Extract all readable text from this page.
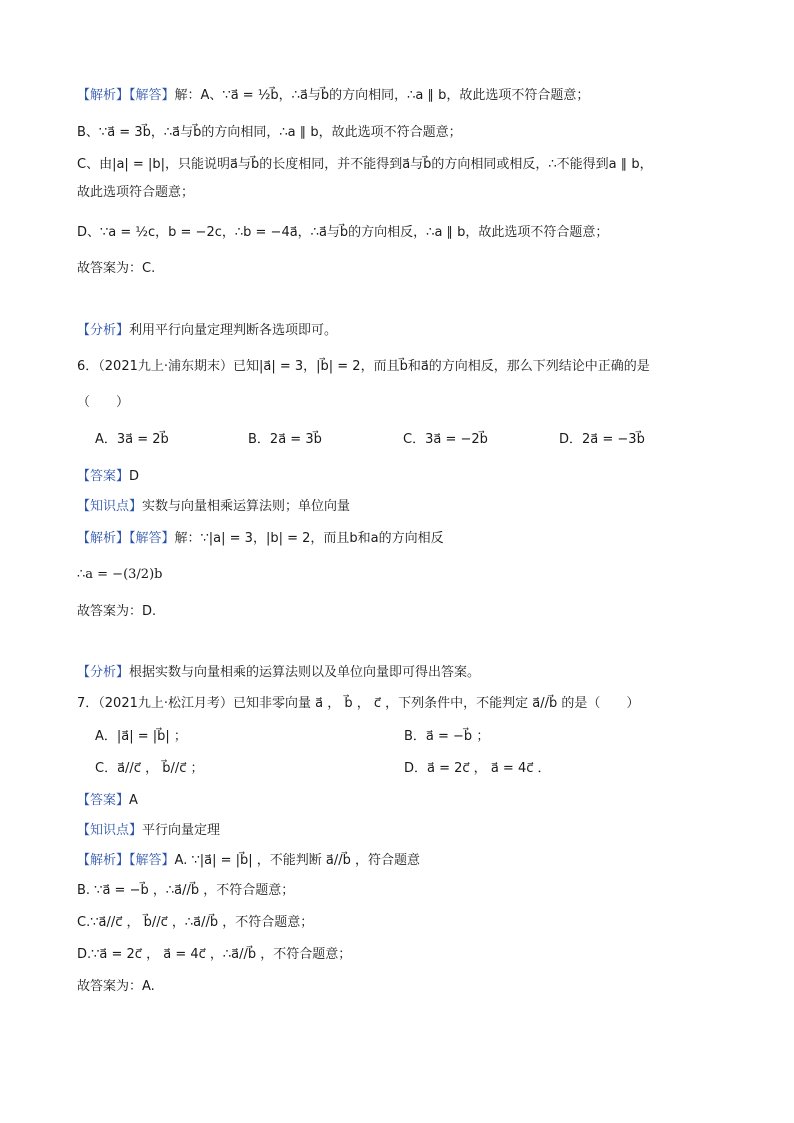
【解析】【解答】解：A、∵a⃗ = ½b⃗，∴a⃗与b⃗的方向相同，∴a ∥ b，故此选项不符合题意；
B、∵a⃗ = 3b⃗，∴a⃗与b⃗的方向相同，∴a ∥ b，故此选项不符合题意；
C、由|a| = |b|，只能说明a⃗与b⃗的长度相同，并不能得到a⃗与b⃗的方向相同或相反，∴不能得到a ∥ b，
故此选项符合题意；
D、∵a = ½c，b = −2c，∴b = −4a⃗，∴a⃗与b⃗的方向相反，∴a ∥ b，故此选项不符合题意；
故答案为：C.
【分析】利用平行向量定理判断各选项即可。
6．（2021九上·浦东期末）已知|a⃗| = 3，|b⃗| = 2，而且b⃗和a⃗的方向相反，那么下列结论中正确的是
（　　）
A．3a⃗ = 2b⃗	B．2a⃗ = 3b⃗	C．3a⃗ = −2b⃗	D．2a⃗ = −3b⃗
【答案】D
【知识点】实数与向量相乘运算法则；单位向量
【解析】【解答】解：∵|a| = 3，|b| = 2，而且b和a的方向相反
∴a = −(3/2)b
故答案为：D.
【分析】根据实数与向量相乘的运算法则以及单位向量即可得出答案。
7．（2021九上·松江月考）已知非零向量 a⃗ ， b⃗ ， c⃗ ，下列条件中，不能判定 a⃗//b⃗ 的是（　　）
A．|a⃗| = |b⃗| ；	B．a⃗ = −b⃗ ；
C．a⃗//c⃗ ， b⃗//c⃗ ；	D．a⃗ = 2c⃗ ， a⃗ = 4c⃗ ．
【答案】A
【知识点】平行向量定理
【解析】【解答】A. ∵|a⃗| = |b⃗| ，不能判断 a⃗//b⃗ ，符合题意
B. ∵a⃗ = −b⃗ ，∴a⃗//b⃗ ，不符合题意；
C.∵a⃗//c⃗ ， b⃗//c⃗ ，∴a⃗//b⃗ ，不符合题意；
D.∵a⃗ = 2c⃗ ， a⃗ = 4c⃗ ，∴a⃗//b⃗ ，不符合题意；
故答案为：A.
